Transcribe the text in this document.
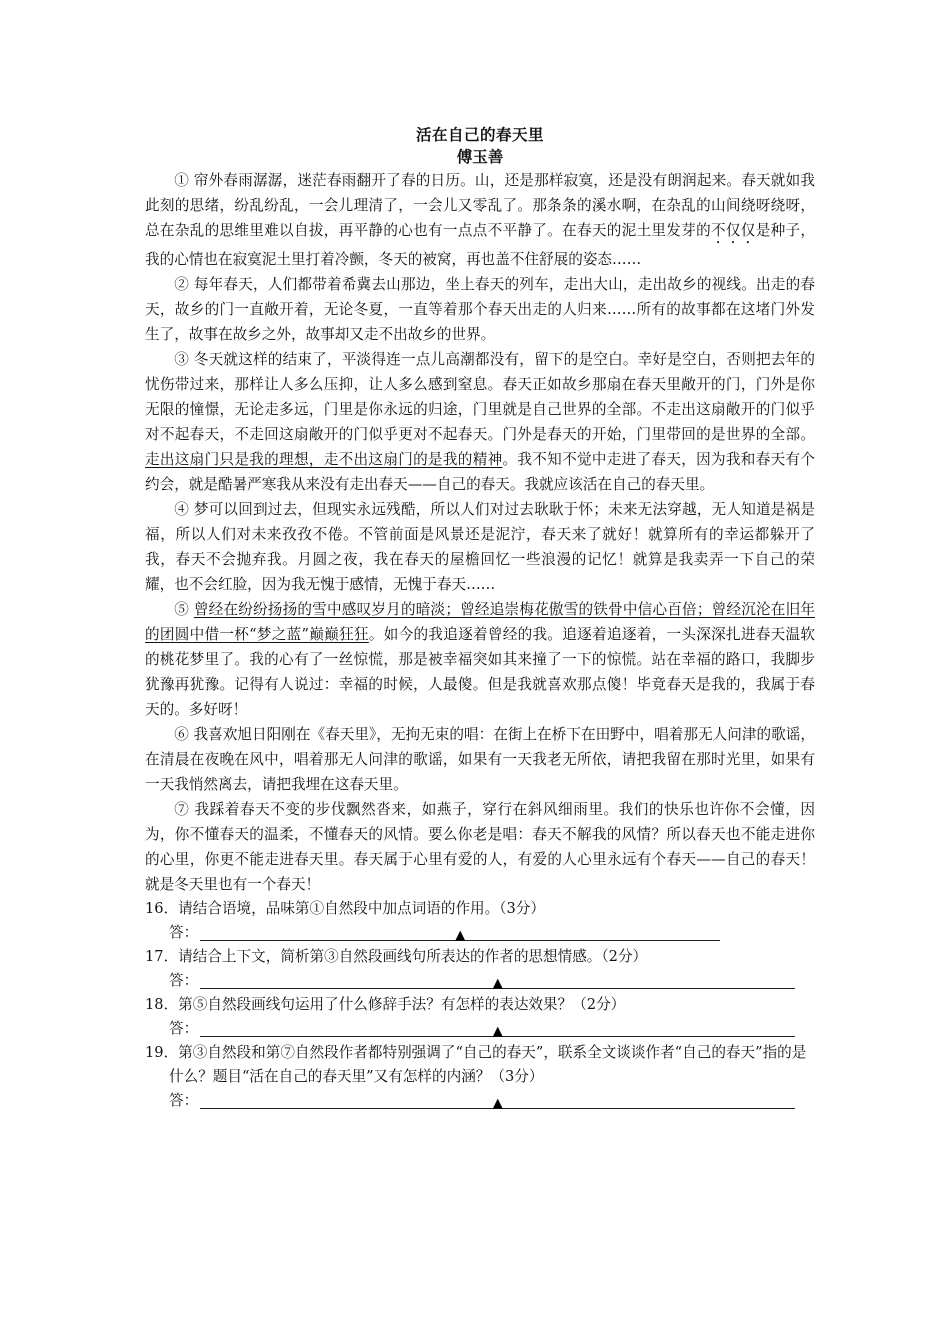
活在自己的春天里
傅玉善

① 帘外春雨潺潺，迷茫春雨翻开了春的日历。山，还是那样寂寞，还是没有朗润起来。春天就如我此刻的思绪，纷乱纷乱，一会儿理清了，一会儿又零乱了。那条条的溪水啊，在杂乱的山间绕呀绕呀，总在杂乱的思维里难以自拔，再平静的心也有一点点不平静了。在春天的泥土里发芽的不仅仅是种子，我的心情也在寂寞泥土里打着冷颤，冬天的被窝，再也盖不住舒展的姿态……

② 每年春天，人们都带着希冀去山那边，坐上春天的列车，走出大山，走出故乡的视线。出走的春天，故乡的门一直敞开着，无论冬夏，一直等着那个春天出走的人归来……所有的故事都在这堵门外发生了，故事在故乡之外，故事却又走不出故乡的世界。

③ 冬天就这样的结束了，平淡得连一点儿高潮都没有，留下的是空白。幸好是空白，否则把去年的忧伤带过来，那样让人多么压抑，让人多么感到窒息。春天正如故乡那扇在春天里敞开的门，门外是你无限的憧憬，无论走多远，门里是你永远的归途，门里就是自己世界的全部。不走出这扇敞开的门似乎对不起春天，不走回这扇敞开的门似乎更对不起春天。门外是春天的开始，门里带回的是世界的全部。走出这扇门只是我的理想，走不出这扇门的是我的精神。我不知不觉中走进了春天，因为我和春天有个约会，就是酷暑严寒我从来没有走出春天——自己的春天。我就应该活在自己的春天里。

④ 梦可以回到过去，但现实永远残酷，所以人们对过去耿耿于怀；未来无法穿越，无人知道是祸是福，所以人们对未来孜孜不倦。不管前面是风景还是泥泞，春天来了就好！就算所有的幸运都躲开了我，春天不会抛弃我。月圆之夜，我在春天的屋檐回忆一些浪漫的记忆！就算是我卖弄一下自己的荣耀，也不会红脸，因为我无愧于感情，无愧于春天……

⑤ 曾经在纷纷扬扬的雪中感叹岁月的暗淡；曾经追崇梅花傲雪的铁骨中信心百倍；曾经沉沦在旧年的团圆中借一杯“梦之蓝”巅巅狂狂。如今的我追逐着曾经的我。追逐着追逐着，一头深深扎进春天温软的桃花梦里了。我的心有了一丝惊慌，那是被幸福突如其来撞了一下的惊慌。站在幸福的路口，我脚步犹豫再犹豫。记得有人说过：幸福的时候，人最傻。但是我就喜欢那点傻！毕竟春天是我的，我属于春天的。多好呀！

⑥ 我喜欢旭日阳刚在《春天里》，无拘无束的唱：在街上在桥下在田野中，唱着那无人问津的歌谣，在清晨在夜晚在风中，唱着那无人问津的歌谣，如果有一天我老无所依，请把我留在那时光里，如果有一天我悄然离去，请把我埋在这春天里。

⑦ 我踩着春天不变的步伐飘然沓来，如燕子，穿行在斜风细雨里。我们的快乐也许你不会懂，因为，你不懂春天的温柔，不懂春天的风情。要么你老是唱：春天不解我的风情？所以春天也不能走进你的心里，你更不能走进春天里。春天属于心里有爱的人，有爱的人心里永远有个春天——自己的春天！就是冬天里也有一个春天！

16．请结合语境，品味第①自然段中加点词语的作用。（3分）
答：	▲
17．请结合上下文，简析第③自然段画线句所表达的作者的思想情感。（2分）
答：	▲
18．第⑤自然段画线句运用了什么修辞手法？有怎样的表达效果？（2分）
答：	▲
19．第③自然段和第⑦自然段作者都特别强调了“自己的春天”，联系全文谈谈作者“自己的春天”指的是什么？题目“活在自己的春天里”又有怎样的内涵？（3分）
答：	▲
